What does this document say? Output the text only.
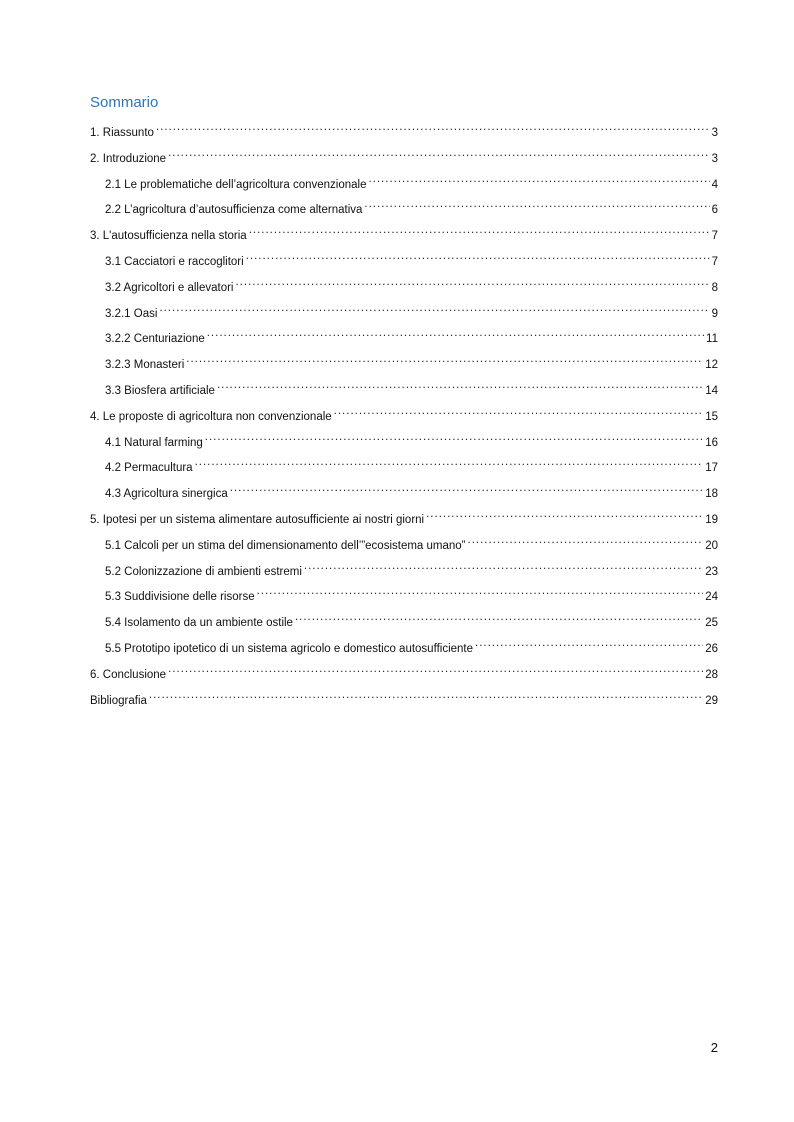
Sommario
1. Riassunto .....	3
2. Introduzione .....	3
2.1 Le problematiche dell’agricoltura convenzionale .....	4
2.2 L’agricoltura d’autosufficienza come alternativa .....	6
3. L'autosufficienza nella storia .....	7
3.1 Cacciatori e raccoglitori .....	7
3.2 Agricoltori e allevatori .....	8
3.2.1 Oasi .....	9
3.2.2 Centuriazione .....	11
3.2.3 Monasteri .....	12
3.3 Biosfera artificiale .....	14
4. Le proposte di agricoltura non convenzionale .....	15
4.1 Natural farming .....	16
4.2 Permacultura .....	17
4.3 Agricoltura sinergica .....	18
5. Ipotesi per un sistema alimentare autosufficiente ai nostri giorni .....	19
5.1 Calcoli per un stima del dimensionamento dell’”ecosistema umano” .....	20
5.2 Colonizzazione di ambienti estremi .....	23
5.3 Suddivisione delle risorse .....	24
5.4 Isolamento da un ambiente ostile .....	25
5.5 Prototipo ipotetico di un sistema agricolo e domestico autosufficiente .....	26
6. Conclusione .....	28
Bibliografia .....	29
2
